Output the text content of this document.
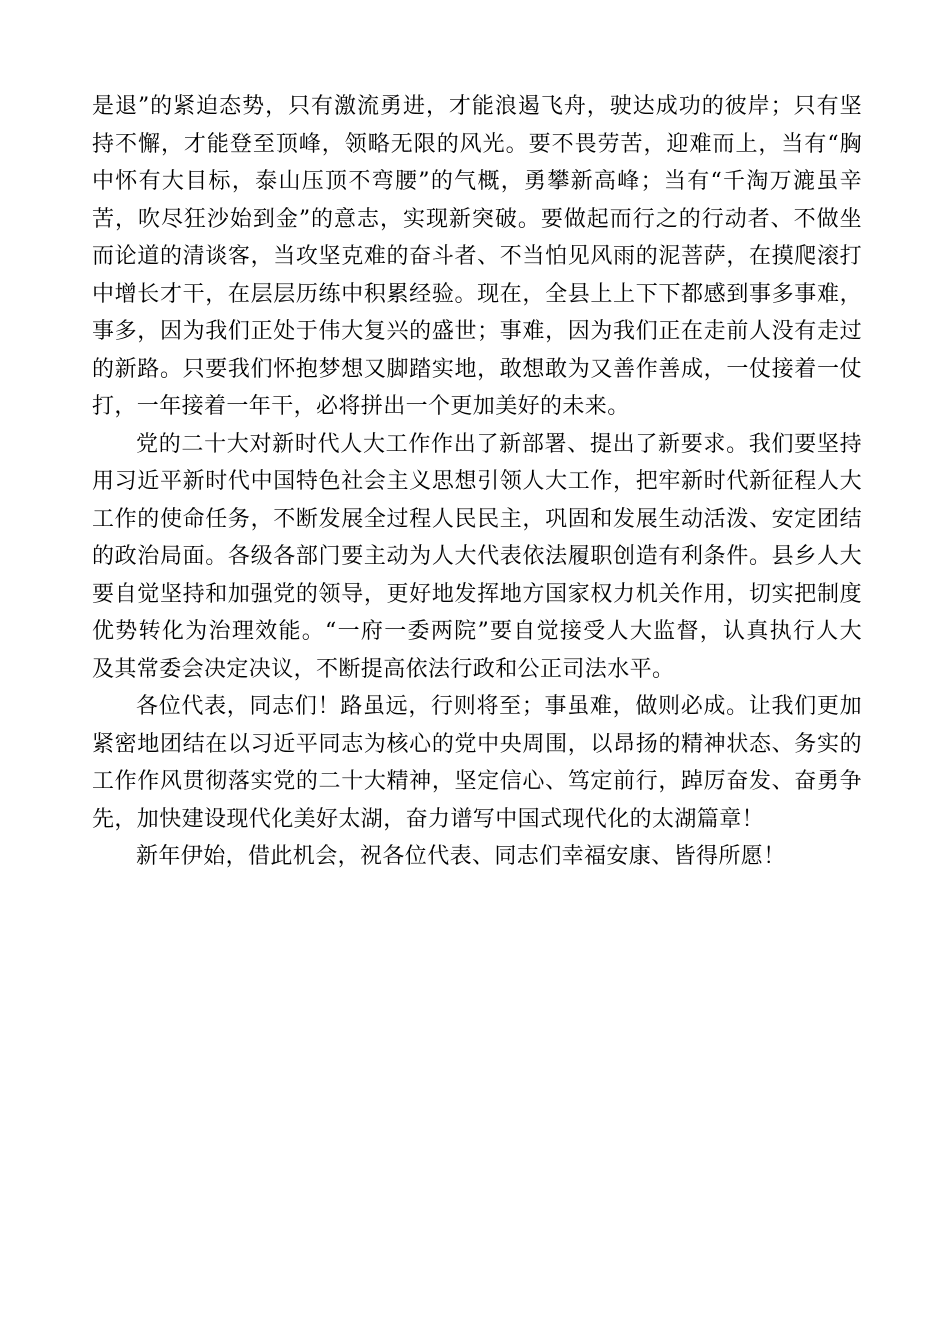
是退”的紧迫态势，只有激流勇进，才能浪遏飞舟，驶达成功的彼岸；只有坚
持不懈，才能登至顶峰，领略无限的风光。要不畏劳苦，迎难而上，当有“胸
中怀有大目标，泰山压顶不弯腰”的气概，勇攀新高峰；当有“千淘万漉虽辛
苦，吹尽狂沙始到金”的意志，实现新突破。要做起而行之的行动者、不做坐
而论道的清谈客，当攻坚克难的奋斗者、不当怕见风雨的泥菩萨，在摸爬滚打
中增长才干，在层层历练中积累经验。现在，全县上上下下都感到事多事难，
事多，因为我们正处于伟大复兴的盛世；事难，因为我们正在走前人没有走过
的新路。只要我们怀抱梦想又脚踏实地，敢想敢为又善作善成，一仗接着一仗
打，一年接着一年干，必将拼出一个更加美好的未来。
党的二十大对新时代人大工作作出了新部署、提出了新要求。我们要坚持
用习近平新时代中国特色社会主义思想引领人大工作，把牢新时代新征程人大
工作的使命任务，不断发展全过程人民民主，巩固和发展生动活泼、安定团结
的政治局面。各级各部门要主动为人大代表依法履职创造有利条件。县乡人大
要自觉坚持和加强党的领导，更好地发挥地方国家权力机关作用，切实把制度
优势转化为治理效能。“一府一委两院”要自觉接受人大监督，认真执行人大
及其常委会决定决议，不断提高依法行政和公正司法水平。
各位代表，同志们！路虽远，行则将至；事虽难，做则必成。让我们更加
紧密地团结在以习近平同志为核心的党中央周围，以昂扬的精神状态、务实的
工作作风贯彻落实党的二十大精神，坚定信心、笃定前行，踔厉奋发、奋勇争
先，加快建设现代化美好太湖，奋力谱写中国式现代化的太湖篇章！
新年伊始，借此机会，祝各位代表、同志们幸福安康、皆得所愿！
